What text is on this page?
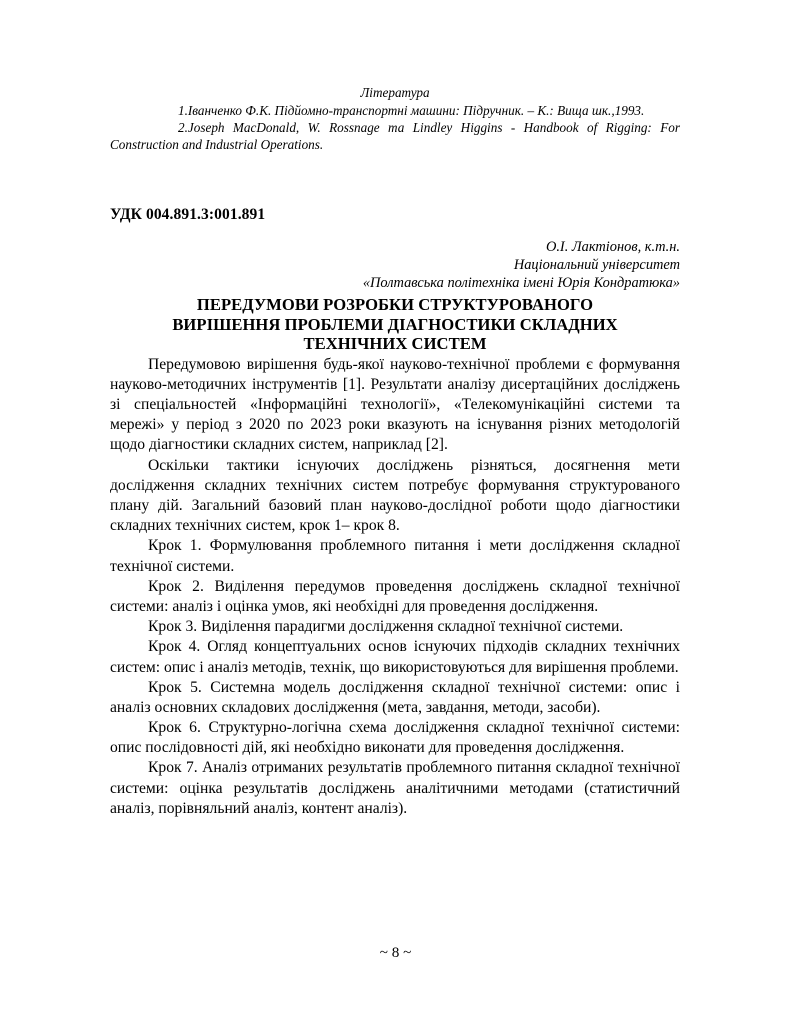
Література

1.Іванченко Ф.К. Підйомно-транспортні машини: Підручник. – К.: Вища шк.,1993.

2.Joseph MacDonald, W. Rossnage та Lindley Higgins - Handbook of Rigging: For Construction and Industrial Operations.

УДК 004.891.3:001.891
О.І. Лактіонов, к.т.н.
Національний університет
«Полтавська політехніка імені Юрія Кондратюка»
ПЕРЕДУМОВИ РОЗРОБКИ СТРУКТУРОВАНОГО
ВИРІШЕННЯ ПРОБЛЕМИ ДІАГНОСТИКИ СКЛАДНИХ
ТЕХНІЧНИХ СИСТЕМ

Передумовою вирішення будь-якої науково-технічної проблеми є формування науково-методичних інструментів [1]. Результати аналізу дисертаційних досліджень зі спеціальностей «Інформаційні технології», «Телекомунікаційні системи та мережі» у період з 2020 по 2023 роки вказують на існування різних методологій щодо діагностики складних систем, наприклад [2].

Оскільки тактики існуючих досліджень різняться, досягнення мети дослідження складних технічних систем потребує формування структурованого плану дій. Загальний базовий план науково-дослідної роботи щодо діагностики складних технічних систем, крок 1– крок 8.

Крок 1. Формулювання проблемного питання і мети дослідження складної технічної системи.

Крок 2. Виділення передумов проведення досліджень складної технічної системи: аналіз і оцінка умов, які необхідні для проведення дослідження.

Крок 3. Виділення парадигми дослідження складної технічної системи.

Крок 4. Огляд концептуальних основ існуючих підходів складних технічних систем: опис і аналіз методів, технік, що використовуються для вирішення проблеми.

Крок 5. Системна модель дослідження складної технічної системи: опис і аналіз основних складових дослідження (мета, завдання, методи, засоби).

Крок 6. Структурно-логічна схема дослідження складної технічної системи: опис послідовності дій, які необхідно виконати для проведення дослідження.

Крок 7. Аналіз отриманих результатів проблемного питання складної технічної системи: оцінка результатів досліджень аналітичними методами (статистичний аналіз, порівняльний аналіз, контент аналіз).

~ 8 ~
